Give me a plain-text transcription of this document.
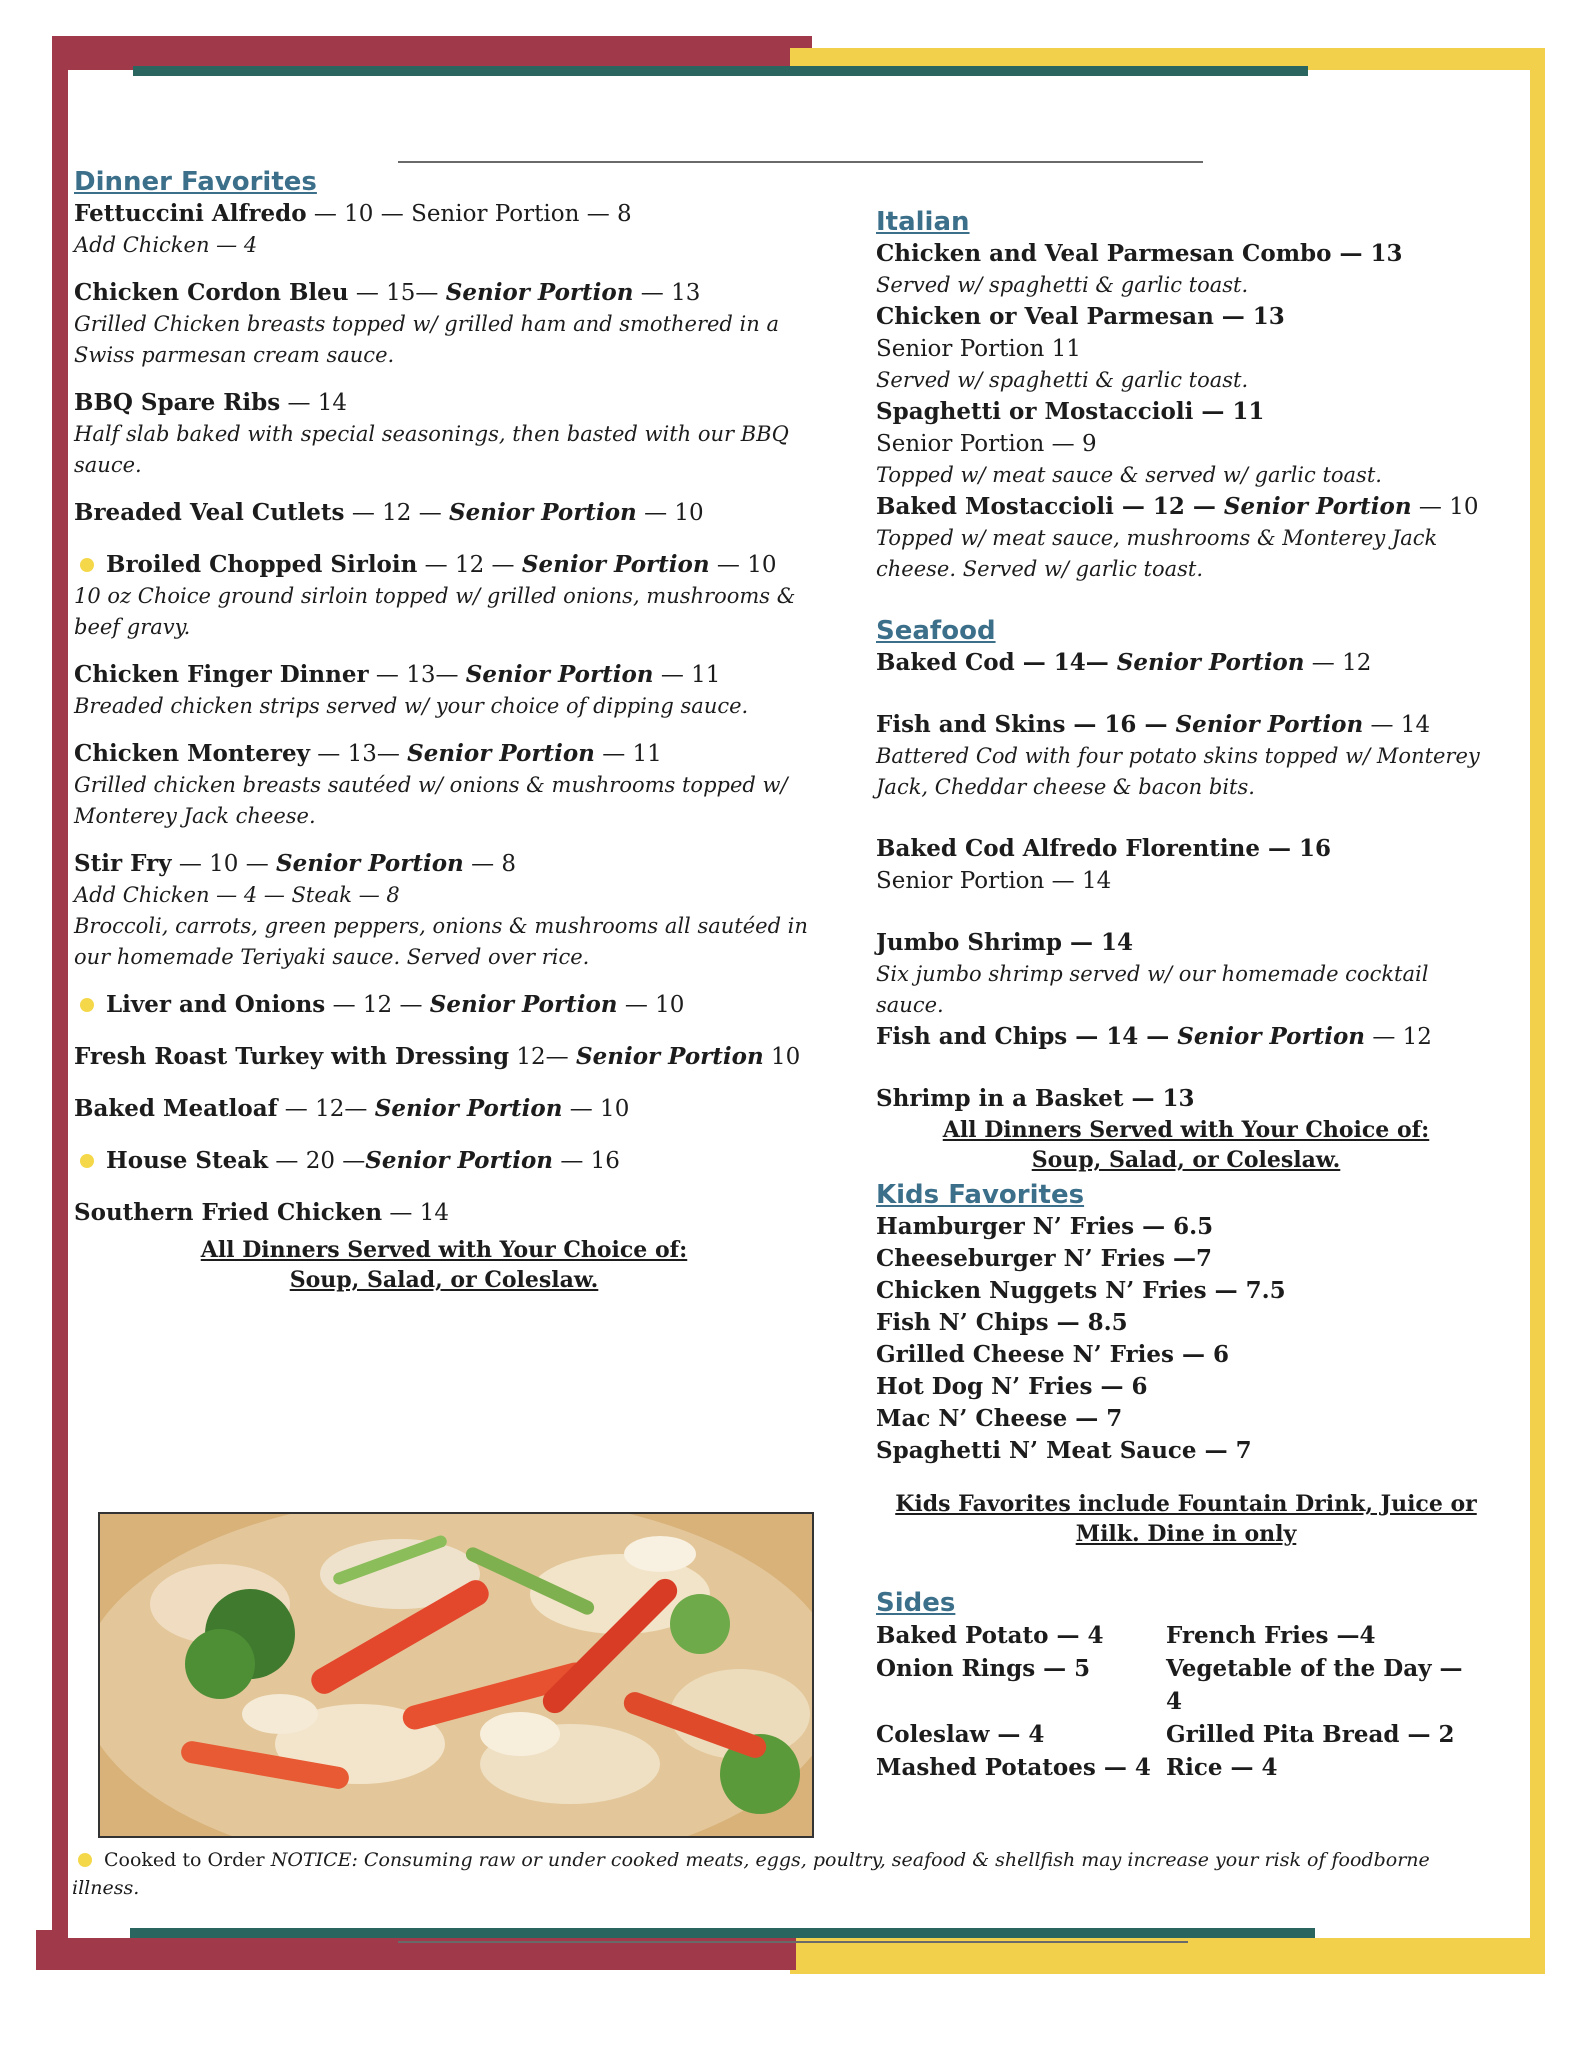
Dinner Favorites
Fettuccini Alfredo — 10 — Senior Portion — 8
Add Chicken — 4
Chicken Cordon Bleu — 15— Senior Portion — 13
Grilled Chicken breasts topped w/ grilled ham and smothered in a Swiss parmesan cream sauce.
BBQ Spare Ribs — 14
Half slab baked with special seasonings, then basted with our BBQ sauce.
Breaded Veal Cutlets — 12 — Senior Portion — 10
Broiled Chopped Sirloin — 12 — Senior Portion — 10
10 oz Choice ground sirloin topped w/ grilled onions, mushrooms & beef gravy.
Chicken Finger Dinner — 13— Senior Portion — 11
Breaded chicken strips served w/ your choice of dipping sauce.
Chicken Monterey — 13— Senior Portion — 11
Grilled chicken breasts sautéed w/ onions & mushrooms topped w/ Monterey Jack cheese.
Stir Fry — 10 — Senior Portion — 8
Add Chicken — 4 — Steak — 8
Broccoli, carrots, green peppers, onions & mushrooms all sautéed in our homemade Teriyaki sauce. Served over rice.
Liver and Onions — 12 — Senior Portion — 10
Fresh Roast Turkey with Dressing 12— Senior Portion 10
Baked Meatloaf — 12— Senior Portion — 10
House Steak — 20 —Senior Portion — 16
Southern Fried Chicken — 14
All Dinners Served with Your Choice of:
Soup, Salad, or Coleslaw.
Italian
Chicken and Veal Parmesan Combo — 13
Served w/ spaghetti & garlic toast.
Chicken or Veal Parmesan — 13
Senior Portion 11
Served w/ spaghetti & garlic toast.
Spaghetti or Mostaccioli — 11
Senior Portion — 9
Topped w/ meat sauce & served w/ garlic toast.
Baked Mostaccioli — 12 — Senior Portion — 10
Topped w/ meat sauce, mushrooms & Monterey Jack cheese. Served w/ garlic toast.
Seafood
Baked Cod — 14— Senior Portion — 12
Fish and Skins — 16 — Senior Portion — 14
Battered Cod with four potato skins topped w/ Monterey Jack, Cheddar cheese & bacon bits.
Baked Cod Alfredo Florentine — 16
Senior Portion — 14
Jumbo Shrimp — 14
Six jumbo shrimp served w/ our homemade cocktail sauce.
Fish and Chips — 14 — Senior Portion — 12
Shrimp in a Basket — 13
All Dinners Served with Your Choice of:
Soup, Salad, or Coleslaw.
Kids Favorites
Hamburger N’ Fries — 6.5
Cheeseburger N’ Fries —7
Chicken Nuggets N’ Fries — 7.5
Fish N’ Chips — 8.5
Grilled Cheese N’ Fries — 6
Hot Dog N’ Fries — 6
Mac N’ Cheese — 7
Spaghetti N’ Meat Sauce — 7
Kids Favorites include Fountain Drink, Juice or
Milk. Dine in only
Sides
Baked Potato — 4	French Fries —4
Onion Rings — 5	Vegetable of the Day — 4
Coleslaw — 4	Grilled Pita Bread — 2
Mashed Potatoes — 4 Rice — 4
Cooked to Order NOTICE: Consuming raw or under cooked meats, eggs, poultry, seafood & shellfish may increase your risk of foodborne illness.
